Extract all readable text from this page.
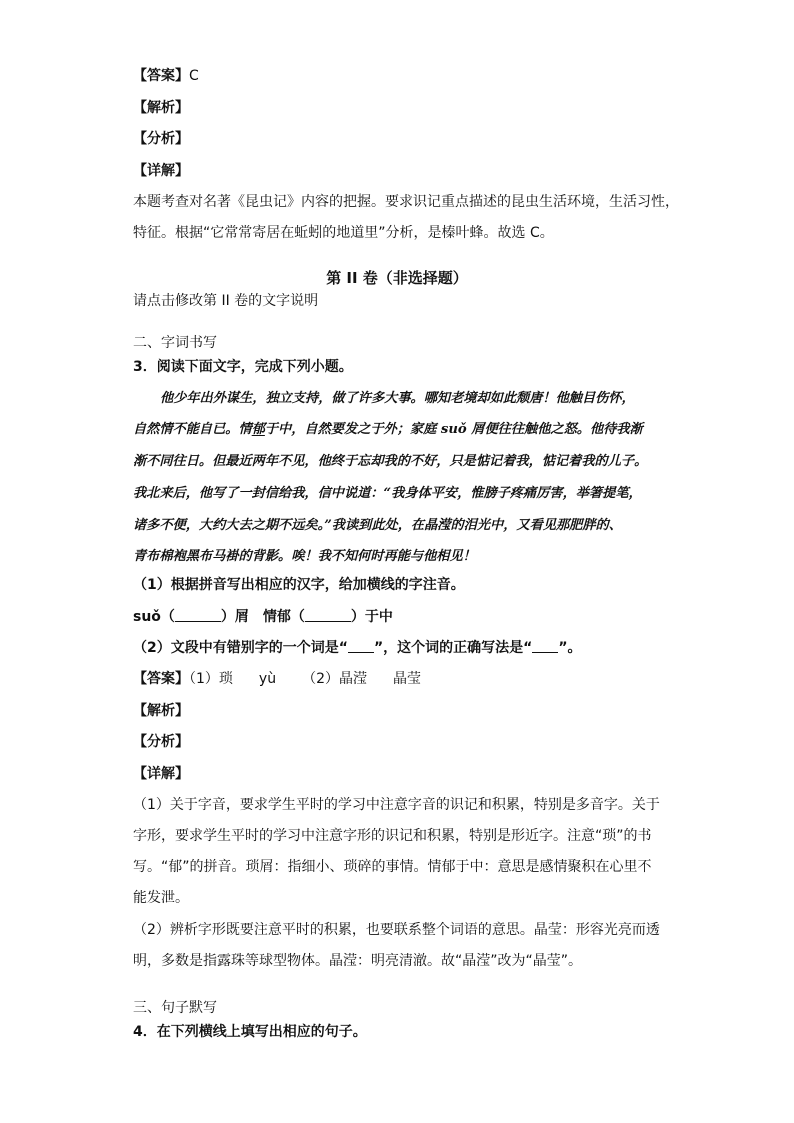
【答案】C
【解析】
【分析】
【详解】
本题考查对名著《昆虫记》内容的把握。要求识记重点描述的昆虫生活环境，生活习性，
特征。根据“它常常寄居在蚯蚓的地道里”分析，是榛叶蜂。故选 C。
第 II 卷（非选择题）
请点击修改第 II 卷的文字说明
二、字词书写
3．阅读下面文字，完成下列小题。
他少年出外谋生，独立支持，做了许多大事。哪知老境却如此颓唐！他触目伤怀，
自然情不能自已。情郁于中，自然要发之于外；家庭 suǒ 屑便往往触他之怒。他待我渐
渐不同往日。但最近两年不见，他终于忘却我的不好，只是惦记着我，惦记着我的儿子。
我北来后，他写了一封信给我，信中说道：“我身体平安，惟膀子疼痛厉害，举箸提笔，
诸多不便，大约大去之期不远矣。”我读到此处，在晶滢的泪光中，又看见那肥胖的、
青布棉袍黑布马褂的背影。唉！我不知何时再能与他相见！
（1）根据拼音写出相应的汉字，给加横线的字注音。
suǒ（	）屑 情郁（	）于中
（2）文段中有错别字的一个词是“ ”，这个词的正确写法是“ ”。
【答案】（1）琐 yù （2）晶滢 晶莹
【解析】
【分析】
【详解】
（1）关于字音，要求学生平时的学习中注意字音的识记和积累，特别是多音字。关于
字形，要求学生平时的学习中注意字形的识记和积累，特别是形近字。注意“琐”的书
写。“郁”的拼音。琐屑：指细小、琐碎的事情。情郁于中：意思是感情聚积在心里不
能发泄。
（2）辨析字形既要注意平时的积累，也要联系整个词语的意思。晶莹：形容光亮而透
明，多数是指露珠等球型物体。晶滢：明亮清澈。故“晶滢”改为“晶莹”。
三、句子默写
4．在下列横线上填写出相应的句子。
